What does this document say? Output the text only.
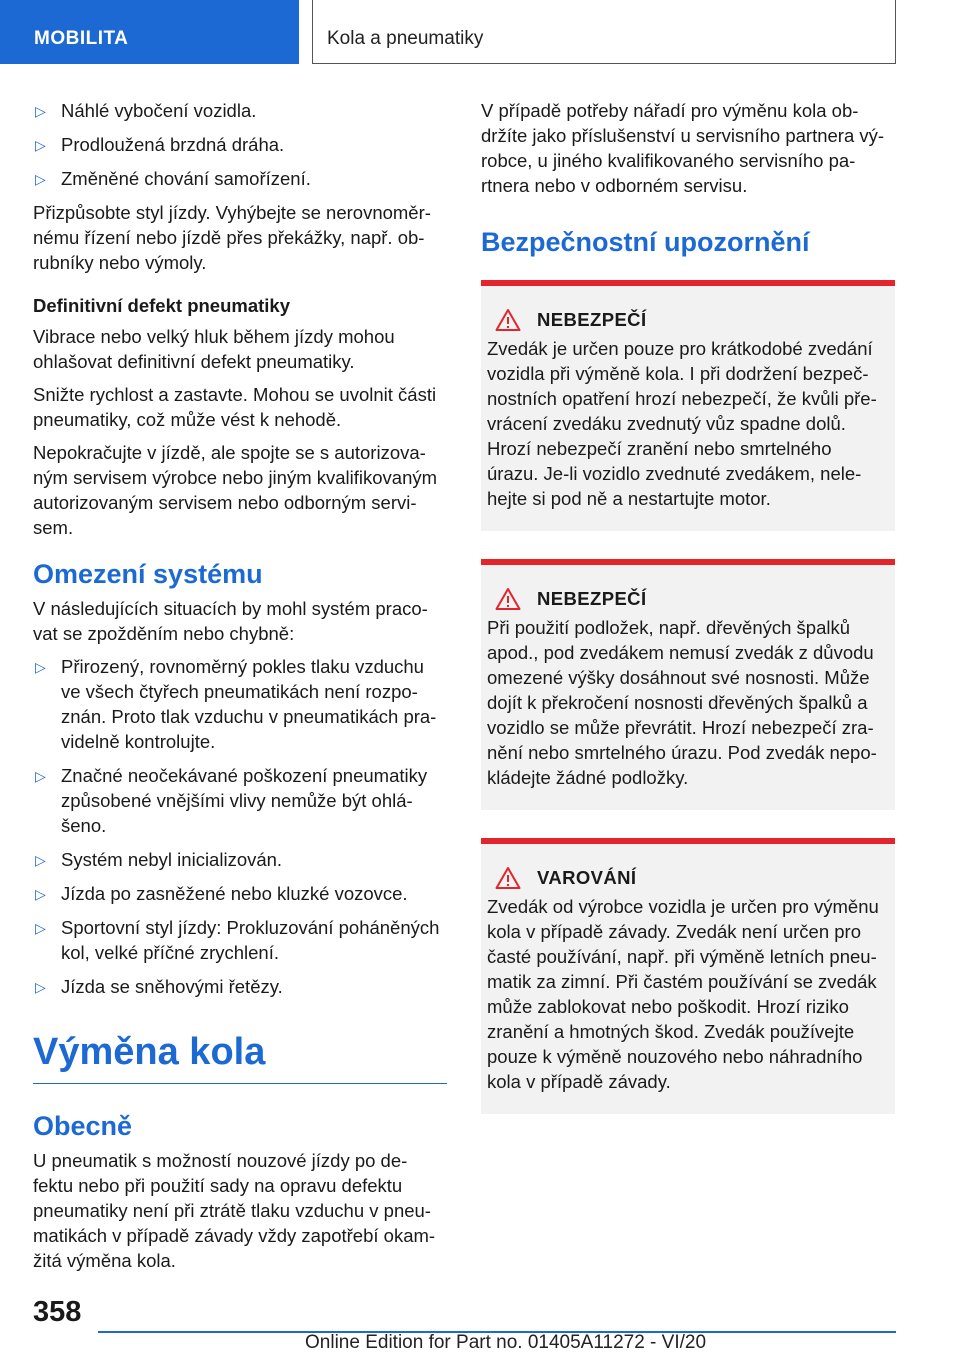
MOBILITA	Kola a pneumatiky
▷ Náhlé vybočení vozidla.
▷ Prodloužená brzdná dráha.
▷ Změněné chování samořízení.

Přizpůsobte styl jízdy. Vyhýbejte se nerovnoměr-
nému řízení nebo jízdě přes překážky, např. ob-
rubníky nebo výmoly.

Definitivní defekt pneumatiky

Vibrace nebo velký hluk během jízdy mohou
ohlašovat definitivní defekt pneumatiky.

Snižte rychlost a zastavte. Mohou se uvolnit části
pneumatiky, což může vést k nehodě.

Nepokračujte v jízdě, ale spojte se s autorizova-
ným servisem výrobce nebo jiným kvalifikovaným
autorizovaným servisem nebo odborným servi-
sem.

Omezení systému

V následujících situacích by mohl systém praco-
vat se zpožděním nebo chybně:

▷ Přirozený, rovnoměrný pokles tlaku vzduchu
ve všech čtyřech pneumatikách není rozpo-
znán. Proto tlak vzduchu v pneumatikách pra-
videlně kontrolujte.
▷ Značné neočekávané poškození pneumatiky
způsobené vnějšími vlivy nemůže být ohlá-
šeno.
▷ Systém nebyl inicializován.
▷ Jízda po zasněžené nebo kluzké vozovce.
▷ Sportovní styl jízdy: Prokluzování poháněných
kol, velké příčné zrychlení.
▷ Jízda se sněhovými řetězy.
Výměna kola
Obecně

U pneumatik s možností nouzové jízdy po de-
fektu nebo při použití sady na opravu defektu
pneumatiky není při ztrátě tlaku vzduchu v pneu-
matikách v případě závady vždy zapotřebí okam-
žitá výměna kola.

V případě potřeby nářadí pro výměnu kola ob-
držíte jako příslušenství u servisního partnera vý-
robce, u jiného kvalifikovaného servisního pa-
rtnera nebo v odborném servisu.

Bezpečnostní upozornění
NEBEZPEČÍ

Zvedák je určen pouze pro krátkodobé zvedání
vozidla při výměně kola. I při dodržení bezpeč-
nostních opatření hrozí nebezpečí, že kvůli pře-
vrácení zvedáku zvednutý vůz spadne dolů.
Hrozí nebezpečí zranění nebo smrtelného
úrazu. Je-li vozidlo zvednuté zvedákem, nele-
hejte si pod ně a nestartujte motor.

NEBEZPEČÍ

Při použití podložek, např. dřevěných špalků
apod., pod zvedákem nemusí zvedák z důvodu
omezené výšky dosáhnout své nosnosti. Může
dojít k překročení nosnosti dřevěných špalků a
vozidlo se může převrátit. Hrozí nebezpečí zra-
nění nebo smrtelného úrazu. Pod zvedák nepo-
kládejte žádné podložky.

VAROVÁNÍ

Zvedák od výrobce vozidla je určen pro výměnu
kola v případě závady. Zvedák není určen pro
časté používání, např. při výměně letních pneu-
matik za zimní. Při častém používání se zvedák
může zablokovat nebo poškodit. Hrozí riziko
zranění a hmotných škod. Zvedák používejte
pouze k výměně nouzového nebo náhradního
kola v případě závady.

358
Online Edition for Part no. 01405A11272 - VI/20
